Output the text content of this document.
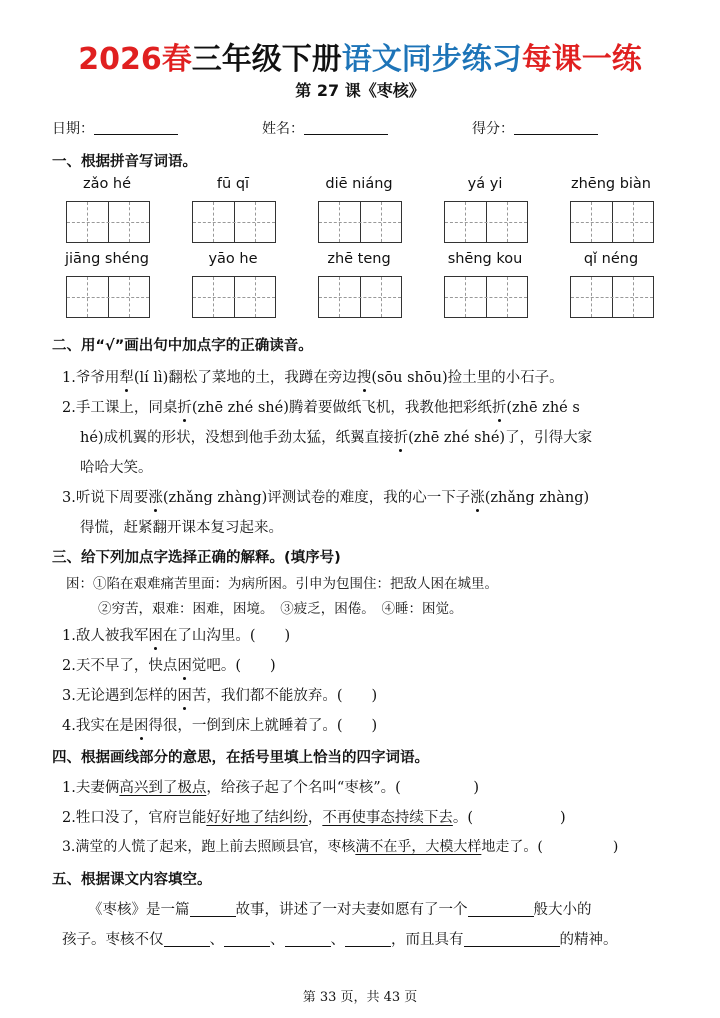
2026春三年级下册语文同步练习每课一练
第 27 课《枣核》
日期：	姓名：	得分：
一、根据拼音写词语。
zǎo hé	fū qī	diē niáng	yá yi	zhēng biàn
jiāng shéng	yāo he	zhē teng	shēng kou	qǐ néng
二、用“√”画出句中加点字的正确读音。
1.爷爷用犁(lí lì)翻松了菜地的土，我蹲在旁边搜(sōu shōu)捡土里的小石子。
2.手工课上，同桌折(zhē zhé shé)腾着要做纸飞机，我教他把彩纸折(zhē zhé s
hé)成机翼的形状，没想到他手劲太猛，纸翼直接折(zhē zhé shé)了，引得大家
哈哈大笑。
3.听说下周要涨(zhǎng zhàng)评测试卷的难度，我的心一下子涨(zhǎng zhàng)
得慌，赶紧翻开课本复习起来。
三、给下列加点字选择正确的解释。(填序号)
困：①陷在艰难痛苦里面：为病所困。引申为包围住：把敌人困在城里。
②穷苦，艰难：困难，困境。　③疲乏，困倦。　④睡：困觉。
1.敌人被我军困在了山沟里。(　　)
2.天不早了，快点困觉吧。(　　)
3.无论遇到怎样的困苦，我们都不能放弃。(　　)
4.我实在是困得很，一倒到床上就睡着了。(　　)
四、根据画线部分的意思，在括号里填上恰当的四字词语。
1.夫妻俩高兴到了极点，给孩子起了个名叫“枣核”。(　　　　　)
2.牲口没了，官府岂能好好地了结纠纷，不再使事态持续下去。(　　　　　　)
3.满堂的人慌了起来，跑上前去照顾县官，枣核满不在乎，大模大样地走了。(　　　　　)
五、根据课文内容填空。
《枣核》是一篇	故事，讲述了一对夫妻如愿有了一个	般大小的
孩子。枣核不仅	、	、	、	，而且具有	的精神。
第 33 页，共 43 页
